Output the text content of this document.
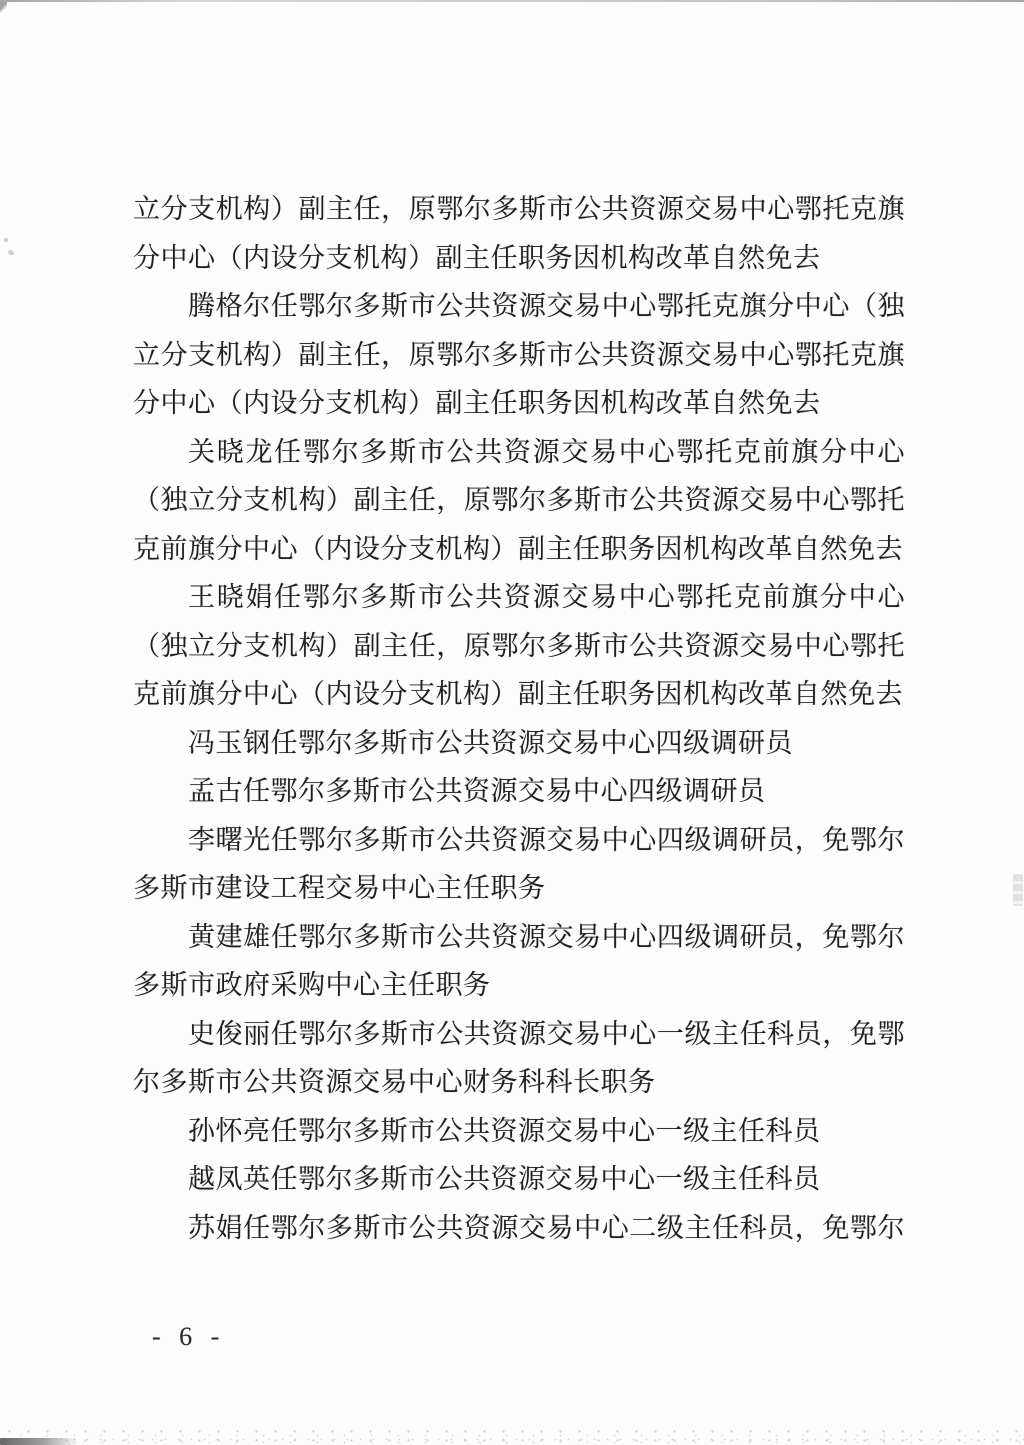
立分支机构）副主任，原鄂尔多斯市公共资源交易中心鄂托克旗
分中心（内设分支机构）副主任职务因机构改革自然免去
腾格尔任鄂尔多斯市公共资源交易中心鄂托克旗分中心（独
立分支机构）副主任，原鄂尔多斯市公共资源交易中心鄂托克旗
分中心（内设分支机构）副主任职务因机构改革自然免去
关晓龙任鄂尔多斯市公共资源交易中心鄂托克前旗分中心
（独立分支机构）副主任，原鄂尔多斯市公共资源交易中心鄂托
克前旗分中心（内设分支机构）副主任职务因机构改革自然免去
王晓娟任鄂尔多斯市公共资源交易中心鄂托克前旗分中心
（独立分支机构）副主任，原鄂尔多斯市公共资源交易中心鄂托
克前旗分中心（内设分支机构）副主任职务因机构改革自然免去
冯玉钢任鄂尔多斯市公共资源交易中心四级调研员
孟古任鄂尔多斯市公共资源交易中心四级调研员
李曙光任鄂尔多斯市公共资源交易中心四级调研员，免鄂尔
多斯市建设工程交易中心主任职务
黄建雄任鄂尔多斯市公共资源交易中心四级调研员，免鄂尔
多斯市政府采购中心主任职务
史俊丽任鄂尔多斯市公共资源交易中心一级主任科员，免鄂
尔多斯市公共资源交易中心财务科科长职务
孙怀亮任鄂尔多斯市公共资源交易中心一级主任科员
越凤英任鄂尔多斯市公共资源交易中心一级主任科员
苏娟任鄂尔多斯市公共资源交易中心二级主任科员，免鄂尔
- 6 -
